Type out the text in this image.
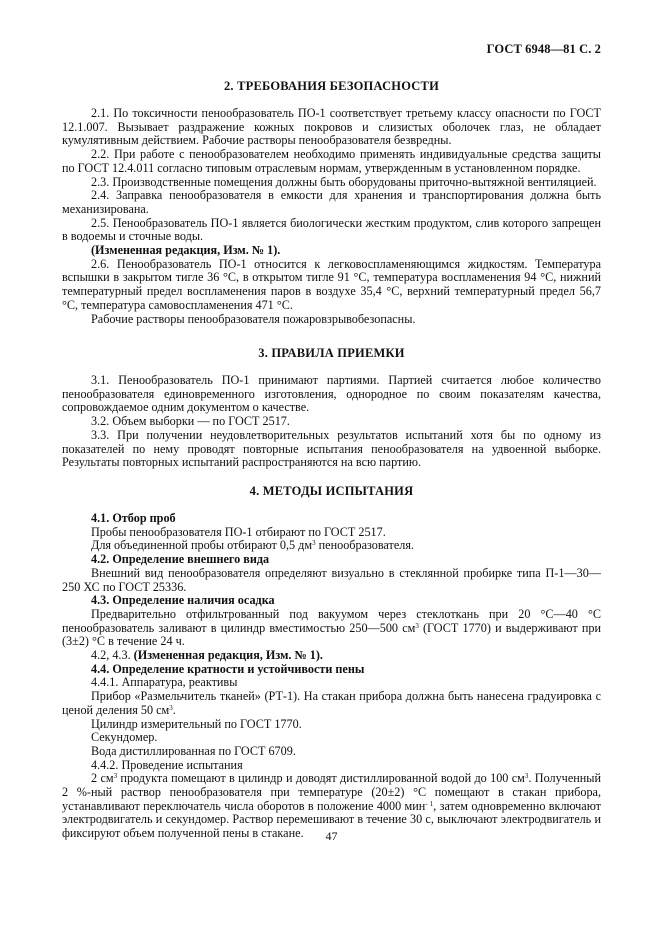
ГОСТ 6948—81 С. 2
2. ТРЕБОВАНИЯ БЕЗОПАСНОСТИ

2.1. По токсичности пенообразователь ПО-1 соответствует третьему классу опасности по ГОСТ 12.1.007. Вызывает раздражение кожных покровов и слизистых оболочек глаз, не обладает кумулятивным действием. Рабочие растворы пенообразователя безвредны.

2.2. При работе с пенообразователем необходимо применять индивидуальные средства защиты по ГОСТ 12.4.011 согласно типовым отраслевым нормам, утвержденным в установленном порядке.

2.3. Производственные помещения должны быть оборудованы приточно-вытяжной вентиляцией.

2.4. Заправка пенообразователя в емкости для хранения и транспортирования должна быть механизирована.

2.5. Пенообразователь ПО-1 является биологически жестким продуктом, слив которого запрещен в водоемы и сточные воды.

(Измененная редакция, Изм. № 1).

2.6. Пенообразователь ПО-1 относится к легковоспламеняющимся жидкостям. Температура вспышки в закрытом тигле 36 °С, в открытом тигле 91 °С, температура воспламенения 94 °С, нижний температурный предел воспламенения паров в воздухе 35,4 °С, верхний температурный предел 56,7 °С, температура самовоспламенения 471 °С.

Рабочие растворы пенообразователя пожаровзрывобезопасны.

3. ПРАВИЛА ПРИЕМКИ

3.1. Пенообразователь ПО-1 принимают партиями. Партией считается любое количество пенообразователя единовременного изготовления, однородное по своим показателям качества, сопровождаемое одним документом о качестве.

3.2. Объем выборки — по ГОСТ 2517.

3.3. При получении неудовлетворительных результатов испытаний хотя бы по одному из показателей по нему проводят повторные испытания пенообразователя на удвоенной выборке. Результаты повторных испытаний распространяются на всю партию.

4. МЕТОДЫ ИСПЫТАНИЯ

4.1. Отбор проб

Пробы пенообразователя ПО-1 отбирают по ГОСТ 2517.

Для объединенной пробы отбирают 0,5 $дм^3$ пенообразователя.

4.2. Определение внешнего вида

Внешний вид пенообразователя определяют визуально в стеклянной пробирке типа П-1—30—250 ХС по ГОСТ 25336.

4.3. Определение наличия осадка

Предварительно отфильтрованный под вакуумом через стеклоткань при 20 °С—40 °С пенообразователь заливают в цилиндр вместимостью 250—500 $см^3$ (ГОСТ 1770) и выдерживают при (3±2) °С в течение 24 ч.

4.2, 4.3. (Измененная редакция, Изм. № 1).

4.4. Определение кратности и устойчивости пены

4.4.1. Аппаратура, реактивы

Прибор «Размельчитель тканей» (РТ-1). На стакан прибора должна быть нанесена градуировка с ценой деления 50 $см^3$.

Цилиндр измерительный по ГОСТ 1770.

Секундомер.

Вода дистиллированная по ГОСТ 6709.

4.4.2. Проведение испытания

2 $см^3$ продукта помещают в цилиндр и доводят дистиллированной водой до 100 $см^3$. Полученный 2 %-ный раствор пенообразователя при температуре (20±2) °С помещают в стакан прибора, устанавливают переключатель числа оборотов в положение 4000 мин$^{- 1}$, затем одновременно включают электродвигатель и секундомер. Раствор перемешивают в течение 30 с, выключают электродвигатель и фиксируют объем полученной пены в стакане.	47
